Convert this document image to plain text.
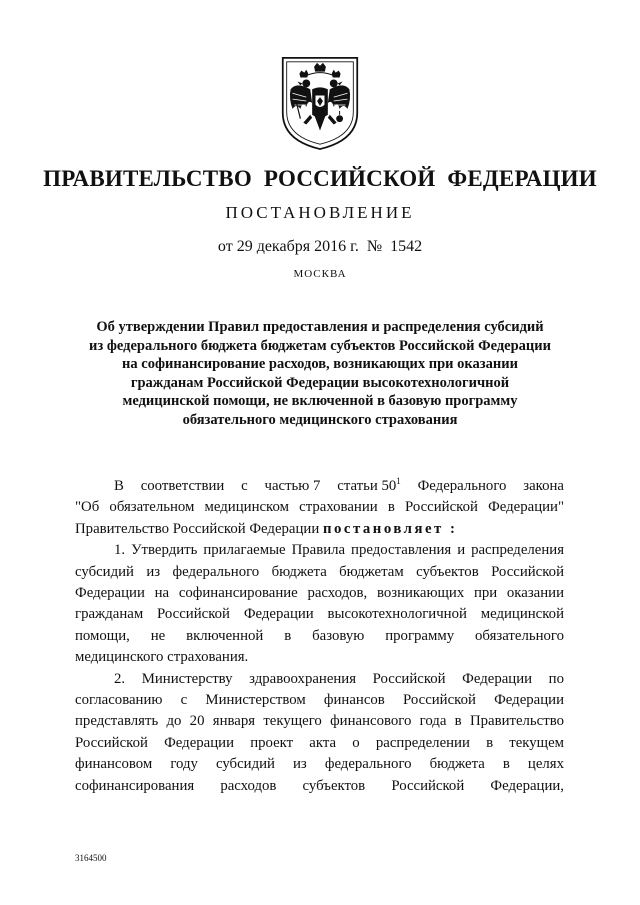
ПРАВИТЕЛЬСТВО РОССИЙСКОЙ ФЕДЕРАЦИИ
ПОСТАНОВЛЕНИЕ
от 29 декабря 2016 г.  №  1542
МОСКВА
Об утверждении Правил предоставления и распределения субсидий
из федерального бюджета бюджетам субъектов Российской Федерации
на софинансирование расходов, возникающих при оказании
гражданам Российской Федерации высокотехнологичной
медицинской помощи, не включенной в базовую программу
обязательного медицинского страхования
В соответствии с частью 7 статьи $50^1$ Федерального закона
"Об обязательном медицинском страховании в Российской Федерации"
Правительство Российской Федерации постановляет :
1. Утвердить прилагаемые Правила предоставления и распределения
субсидий из федерального бюджета бюджетам субъектов Российской
Федерации на софинансирование расходов, возникающих при оказании
гражданам Российской Федерации высокотехнологичной медицинской
помощи, не включенной в базовую программу обязательного
медицинского страхования.
2. Министерству здравоохранения Российской Федерации по
согласованию с Министерством финансов Российской Федерации
представлять до 20 января текущего финансового года в Правительство
Российской Федерации проект акта о распределении в текущем
финансовом году субсидий из федерального бюджета в целях
софинансирования расходов субъектов Российской Федерации,
3164500
